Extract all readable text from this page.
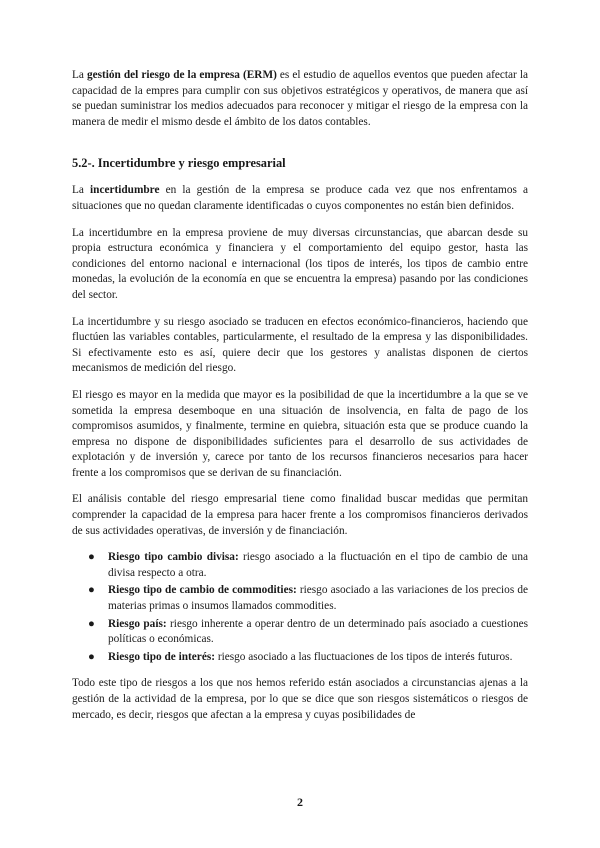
La gestión del riesgo de la empresa (ERM) es el estudio de aquellos eventos que pueden afectar la capacidad de la empres para cumplir con sus objetivos estratégicos y operativos, de manera que así se puedan suministrar los medios adecuados para reconocer y mitigar el riesgo de la empresa con la manera de medir el mismo desde el ámbito de los datos contables.

5.2-. Incertidumbre y riesgo empresarial

La incertidumbre en la gestión de la empresa se produce cada vez que nos enfrentamos a situaciones que no quedan claramente identificadas o cuyos componentes no están bien definidos.

La incertidumbre en la empresa proviene de muy diversas circunstancias, que abarcan desde su propia estructura económica y financiera y el comportamiento del equipo gestor, hasta las condiciones del entorno nacional e internacional (los tipos de interés, los tipos de cambio entre monedas, la evolución de la economía en que se encuentra la empresa) pasando por las condiciones del sector.

La incertidumbre y su riesgo asociado se traducen en efectos económico-financieros, haciendo que fluctúen las variables contables, particularmente, el resultado de la empresa y las disponibilidades. Si efectivamente esto es así, quiere decir que los gestores y analistas disponen de ciertos mecanismos de medición del riesgo.

El riesgo es mayor en la medida que mayor es la posibilidad de que la incertidumbre a la que se ve sometida la empresa desemboque en una situación de insolvencia, en falta de pago de los compromisos asumidos, y finalmente, termine en quiebra, situación esta que se produce cuando la empresa no dispone de disponibilidades suficientes para el desarrollo de sus actividades de explotación y de inversión y, carece por tanto de los recursos financieros necesarios para hacer frente a los compromisos que se derivan de su financiación.

El análisis contable del riesgo empresarial tiene como finalidad buscar medidas que permitan comprender la capacidad de la empresa para hacer frente a los compromisos financieros derivados de sus actividades operativas, de inversión y de financiación.

● Riesgo tipo cambio divisa: riesgo asociado a la fluctuación en el tipo de cambio de una divisa respecto a otra.
● Riesgo tipo de cambio de commodities: riesgo asociado a las variaciones de los precios de materias primas o insumos llamados commodities.
● Riesgo país: riesgo inherente a operar dentro de un determinado país asociado a cuestiones políticas o económicas.
● Riesgo tipo de interés: riesgo asociado a las fluctuaciones de los tipos de interés futuros.

Todo este tipo de riesgos a los que nos hemos referido están asociados a circunstancias ajenas a la gestión de la actividad de la empresa, por lo que se dice que son riesgos sistemáticos o riesgos de mercado, es decir, riesgos que afectan a la empresa y cuyas posibilidades de

2
